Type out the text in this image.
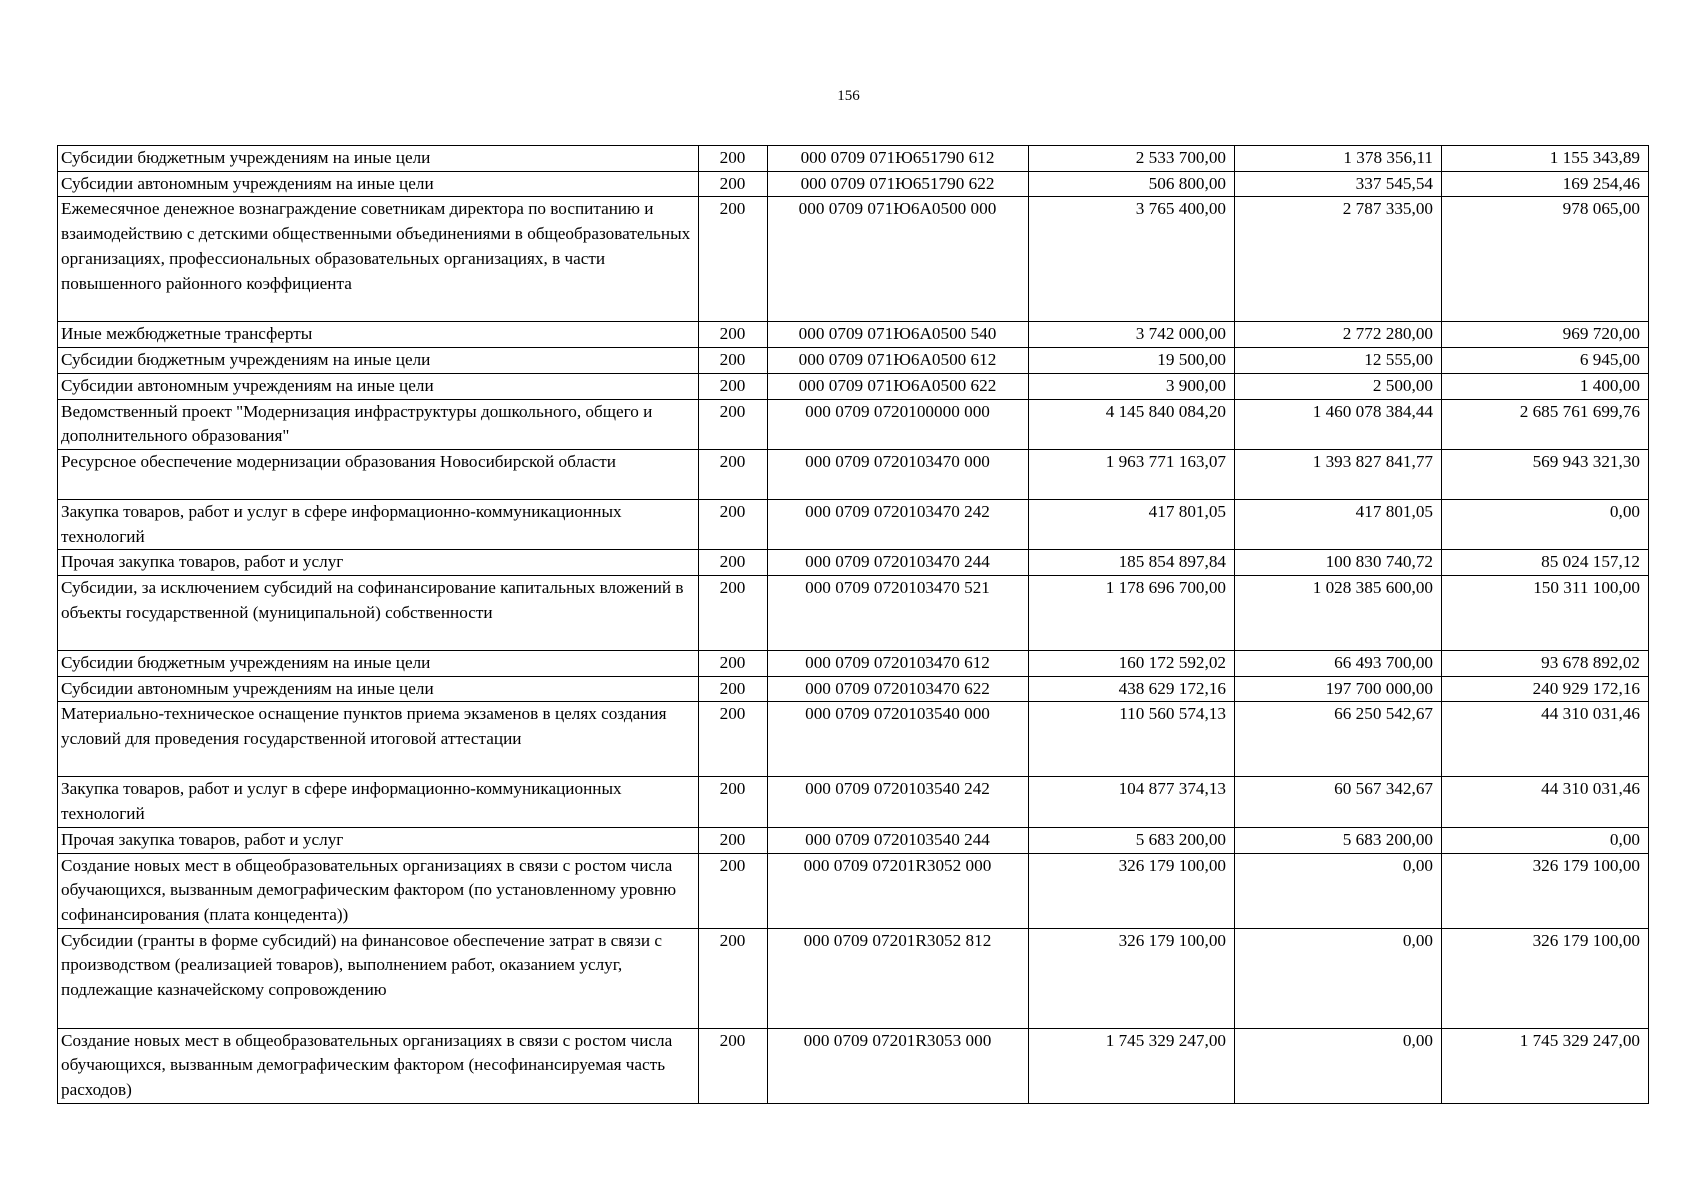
156
Субсидии бюджетным учреждениям на иные цели	200	000 0709 071Ю651790 612	2 533 700,00	1 378 356,11	1 155 343,89
Субсидии автономным учреждениям на иные цели	200	000 0709 071Ю651790 622	506 800,00	337 545,54	169 254,46
Ежемесячное денежное вознаграждение советникам директора по воспитанию и взаимодействию с детскими общественными объединениями в общеобразовательных организациях, профессиональных образовательных организациях, в части повышенного районного коэффициента	200	000 0709 071Ю6А0500 000	3 765 400,00	2 787 335,00	978 065,00
Иные межбюджетные трансферты	200	000 0709 071Ю6А0500 540	3 742 000,00	2 772 280,00	969 720,00
Субсидии бюджетным учреждениям на иные цели	200	000 0709 071Ю6А0500 612	19 500,00	12 555,00	6 945,00
Субсидии автономным учреждениям на иные цели	200	000 0709 071Ю6А0500 622	3 900,00	2 500,00	1 400,00
Ведомственный проект "Модернизация инфраструктуры дошкольного, общего и дополнительного образования"	200	000 0709 0720100000 000	4 145 840 084,20	1 460 078 384,44	2 685 761 699,76
Ресурсное обеспечение модернизации образования Новосибирской области	200	000 0709 0720103470 000	1 963 771 163,07	1 393 827 841,77	569 943 321,30
Закупка товаров, работ и услуг в сфере информационно-коммуникационных технологий	200	000 0709 0720103470 242	417 801,05	417 801,05	0,00
Прочая закупка товаров, работ и услуг	200	000 0709 0720103470 244	185 854 897,84	100 830 740,72	85 024 157,12
Субсидии, за исключением субсидий на софинансирование капитальных вложений в объекты государственной (муниципальной) собственности	200	000 0709 0720103470 521	1 178 696 700,00	1 028 385 600,00	150 311 100,00
Субсидии бюджетным учреждениям на иные цели	200	000 0709 0720103470 612	160 172 592,02	66 493 700,00	93 678 892,02
Субсидии автономным учреждениям на иные цели	200	000 0709 0720103470 622	438 629 172,16	197 700 000,00	240 929 172,16
Материально-техническое оснащение пунктов приема экзаменов в целях создания условий для проведения государственной итоговой аттестации	200	000 0709 0720103540 000	110 560 574,13	66 250 542,67	44 310 031,46
Закупка товаров, работ и услуг в сфере информационно-коммуникационных технологий	200	000 0709 0720103540 242	104 877 374,13	60 567 342,67	44 310 031,46
Прочая закупка товаров, работ и услуг	200	000 0709 0720103540 244	5 683 200,00	5 683 200,00	0,00
Создание новых мест в общеобразовательных организациях в связи с ростом числа обучающихся, вызванным демографическим фактором (по установленному уровню софинансирования (плата концедента))	200	000 0709 07201R3052 000	326 179 100,00	0,00	326 179 100,00
Субсидии (гранты в форме субсидий) на финансовое обеспечение затрат в связи с производством (реализацией товаров), выполнением работ, оказанием услуг, подлежащие казначейскому сопровождению	200	000 0709 07201R3052 812	326 179 100,00	0,00	326 179 100,00
Создание новых мест в общеобразовательных организациях в связи с ростом числа обучающихся, вызванным демографическим фактором (несофинансируемая часть расходов)	200	000 0709 07201R3053 000	1 745 329 247,00	0,00	1 745 329 247,00
